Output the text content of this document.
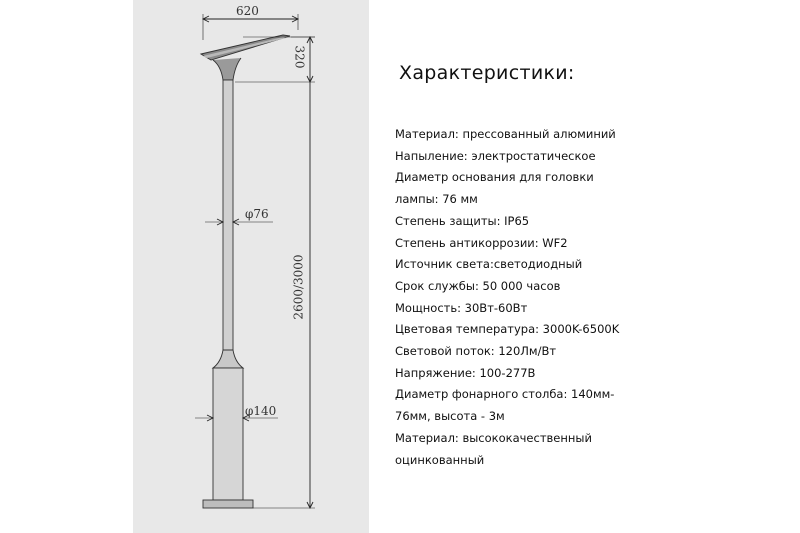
620
320
φ76
2600/3000
φ140
Характеристики:
Материал: прессованный алюминий
Напыление: электростатическое
Диаметр основания для головки
лампы: 76 мм
Степень защиты: IP65
Степень антикоррозии: WF2
Источник света:светодиодный
Срок службы: 50 000 часов
Мощность: 30Вт-60Вт
Цветовая температура: 3000K-6500K
Световой поток: 120Лм/Вт
Напряжение: 100-277В
Диаметр фонарного столба: 140мм-
76мм, высота - 3м
Материал: высококачественный
оцинкованный
